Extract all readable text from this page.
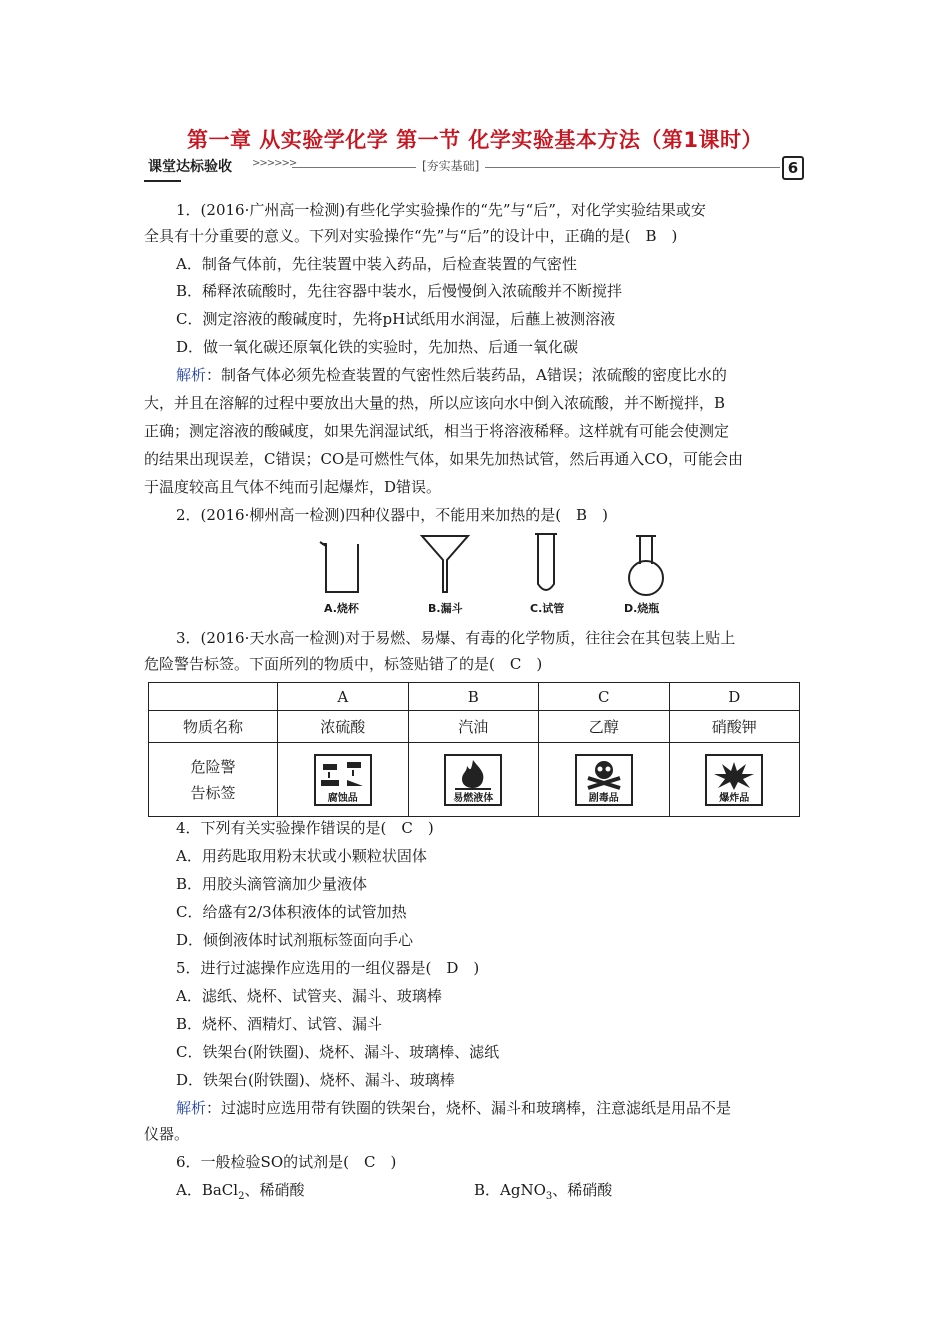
第一章 从实验学化学 第一节 化学实验基本方法（第1课时）
课堂达标验收	>>>>>>	[夯实基础]	6
1．(2016·广州高一检测)有些化学实验操作的“先”与“后”，对化学实验结果或安
全具有十分重要的意义。下列对实验操作“先”与“后”的设计中，正确的是(　B　)
A．制备气体前，先往装置中装入药品，后检查装置的气密性
B．稀释浓硫酸时，先往容器中装水，后慢慢倒入浓硫酸并不断搅拌
C．测定溶液的酸碱度时，先将pH试纸用水润湿，后蘸上被测溶液
D．做一氧化碳还原氧化铁的实验时，先加热、后通一氧化碳
解析：制备气体必须先检查装置的气密性然后装药品，A错误；浓硫酸的密度比水的
大，并且在溶解的过程中要放出大量的热，所以应该向水中倒入浓硫酸，并不断搅拌，B
正确；测定溶液的酸碱度，如果先润湿试纸，相当于将溶液稀释。这样就有可能会使测定
的结果出现误差，C错误；CO是可燃性气体，如果先加热试管，然后再通入CO，可能会由
于温度较高且气体不纯而引起爆炸，D错误。
2．(2016·柳州高一检测)四种仪器中，不能用来加热的是(　B　)
A.烧杯	B.漏斗	C.试管	D.烧瓶
3．(2016·天水高一检测)对于易燃、易爆、有毒的化学物质，往往会在其包装上贴上
危险警告标签。下面所列的物质中，标签贴错了的是(　C　)
	A	B	C	D
物质名称	浓硫酸	汽油	乙醇	硝酸钾

危险警
告标签	腐蚀品	易燃液体	剧毒品	爆炸品
4．下列有关实验操作错误的是(　C　)
A．用药匙取用粉末状或小颗粒状固体
B．用胶头滴管滴加少量液体
C．给盛有2/3体积液体的试管加热
D．倾倒液体时试剂瓶标签面向手心
5．进行过滤操作应选用的一组仪器是(　D　)
A．滤纸、烧杯、试管夹、漏斗、玻璃棒
B．烧杯、酒精灯、试管、漏斗
C．铁架台(附铁圈)、烧杯、漏斗、玻璃棒、滤纸
D．铁架台(附铁圈)、烧杯、漏斗、玻璃棒
解析：过滤时应选用带有铁圈的铁架台，烧杯、漏斗和玻璃棒，注意滤纸是用品不是
仪器。
6．一般检验SO的试剂是(　C　)
A．BaCl$_2$、稀硝酸	B．AgNO$_3$、稀硝酸
